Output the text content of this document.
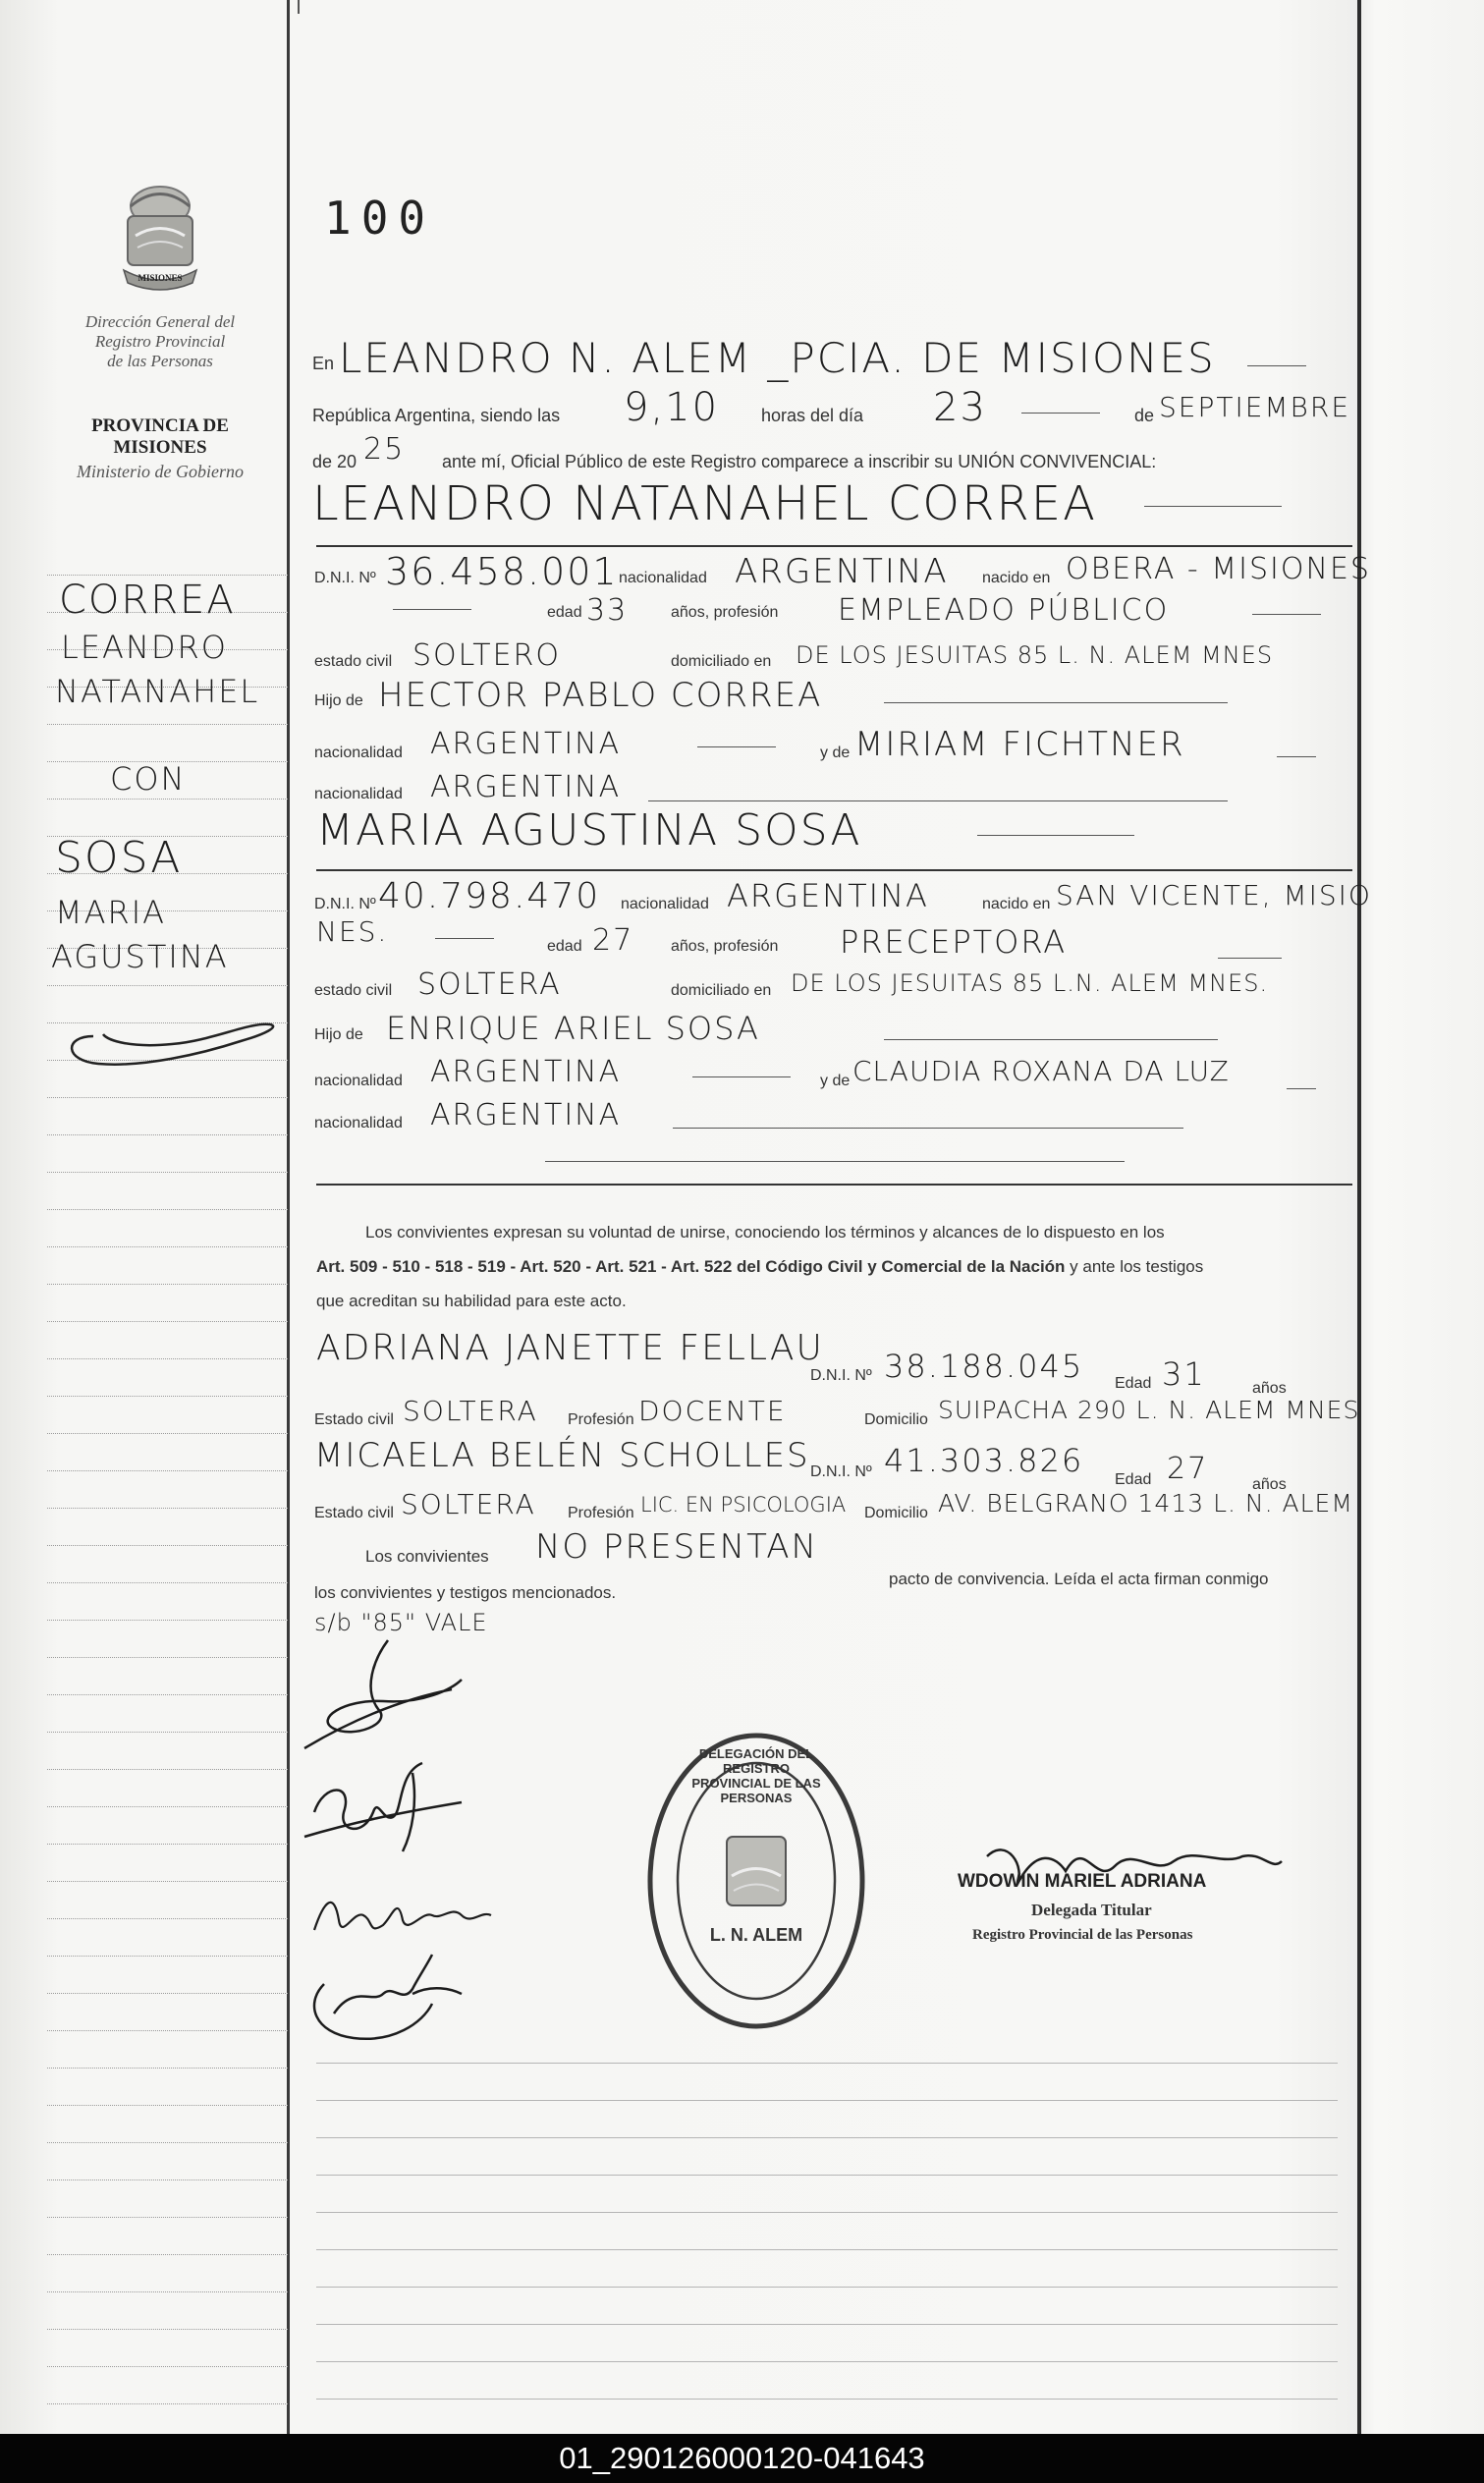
MISIONES
Dirección General del
Registro Provincial
de las Personas
PROVINCIA DE
MISIONES
Ministerio de Gobierno
100
CORREA
LEANDRO
NATANAHEL
CON
SOSA
MARIA
AGUSTINA
En LEANDRO N. ALEM _PCIA. DE MISIONES
República Argentina, siendo las 9,10 horas del día 23	de SEPTIEMBRE
de 20 25 ante mí, Oficial Público de este Registro comparece a inscribir su UNIÓN CONVIVENCIAL:
LEANDRO NATANAHEL CORREA
D.N.I. Nº 36.458.001 nacionalidad ARGENTINA nacido en OBERA - MISIONES
edad 33	años, profesión EMPLEADO PÚBLICO
estado civil SOLTERO	domiciliado en DE LOS JESUITAS 85 L. N. ALEM MNES
Hijo de HECTOR PABLO CORREA
nacionalidad ARGENTINA	y de MIRIAM FICHTNER
nacionalidad ARGENTINA
MARIA AGUSTINA SOSA
D.N.I. Nº 40.798.470 nacionalidad ARGENTINA	nacido en SAN VICENTE, MISIO
NES.	edad 27 años, profesión PRECEPTORA
estado civil SOLTERA	domiciliado en DE LOS JESUITAS 85 L.N. ALEM MNES.
Hijo de ENRIQUE ARIEL SOSA
nacionalidad ARGENTINA	y de CLAUDIA ROXANA DA LUZ
nacionalidad ARGENTINA
Los convivientes expresan su voluntad de unirse, conociendo los términos y alcances de lo dispuesto en los
Art. 509 - 510 - 518 - 519 - Art. 520 - Art. 521 - Art. 522 del Código Civil y Comercial de la Nación y ante los testigos
que acreditan su habilidad para este acto.
ADRIANA JANETTE FELLAU
D.N.I. Nº 38.188.045 Edad 31	años
Estado civil SOLTERA Profesión DOCENTE	Domicilio SUIPACHA 290 L. N. ALEM MNES
MICAELA BELÉN SCHOLLES D.N.I. Nº 41.303.826
Edad 27	años
Estado civil SOLTERA Profesión LIC. EN PSICOLOGIA Domicilio AV. BELGRANO 1413 L. N. ALEM
Los convivientes NO PRESENTAN
pacto de convivencia. Leída el acta firman conmigo
los convivientes y testigos mencionados.
s/b "85" VALE
DELEGACIÓN DEL REGISTRO PROVINCIAL DE LAS PERSONAS
L. N. ALEM
WDOWIN MARIEL ADRIANA
Delegada Titular
Registro Provincial de las Personas
01_290126000120-041643
